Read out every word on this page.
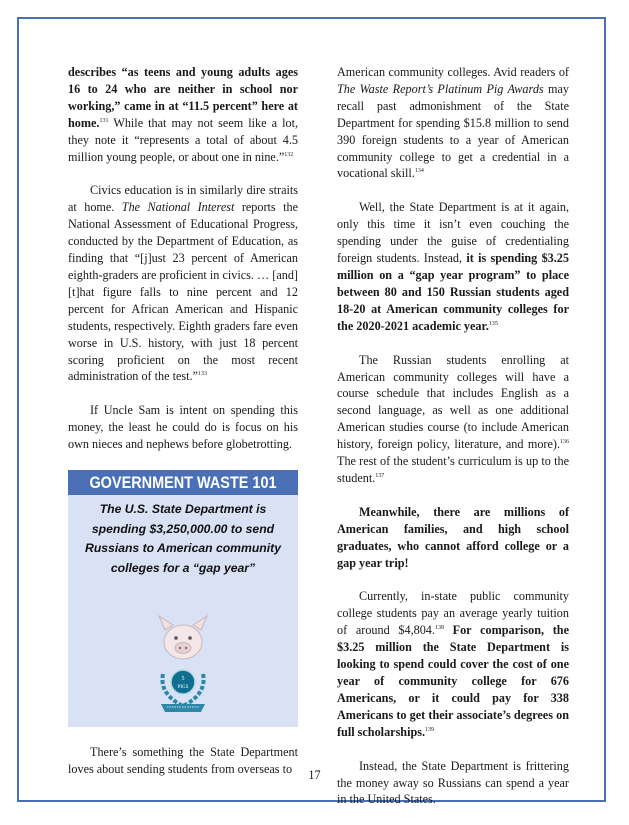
describes “as teens and young adults ages 16 to 24 who are neither in school nor working,” came in at “11.5 percent” here at home.$^{131}$ While that may not seem like a lot, they note it “represents a total of about 4.5 million young people, or about one in nine.”$^{132}$

Civics education is in similarly dire straits at home. The National Interest reports the National Assessment of Educational Progress, conducted by the Department of Education, as finding that “[j]ust 23 percent of American eighth-graders are proficient in civics. … [and] [t]hat figure falls to nine percent and 12 percent for African American and Hispanic students, respectively. Eighth graders fare even worse in U.S. history, with just 18 percent scoring proficient on the most recent administration of the test.”$^{133}$

If Uncle Sam is intent on spending this money, the least he could do is focus on his own nieces and nephews before globetrotting.

GOVERNMENT WASTE 101
The U.S. State Department is spending $3,250,000.00 to send Russians to American community colleges for a “gap year”
5
PIGS

There’s something the State Department loves about sending students from overseas to

American community colleges. Avid readers of The Waste Report’s Platinum Pig Awards may recall past admonishment of the State Department for spending $15.8 million to send 390 foreign students to a year of American community college to get a credential in a vocational skill.$^{134}$

Well, the State Department is at it again, only this time it isn’t even couching the spending under the guise of credentialing foreign students. Instead, it is spending $3.25 million on a “gap year program” to place between 80 and 150 Russian students aged 18-20 at American community colleges for the 2020-2021 academic year.$^{135}$

The Russian students enrolling at American community colleges will have a course schedule that includes English as a second language, as well as one additional American studies course (to include American history, foreign policy, literature, and more).$^{136}$ The rest of the student’s curriculum is up to the student.$^{137}$

Meanwhile, there are millions of American families, and high school graduates, who cannot afford college or a gap year trip!

Currently, in-state public community college students pay an average yearly tuition of around $4,804.$^{138}$ For comparison, the $3.25 million the State Department is looking to spend could cover the cost of one year of community college for 676 Americans, or it could pay for 338 Americans to get their associate’s degrees on full scholarships.$^{139}$

Instead, the State Department is frittering the money away so Russians can spend a year in the United States.

17
